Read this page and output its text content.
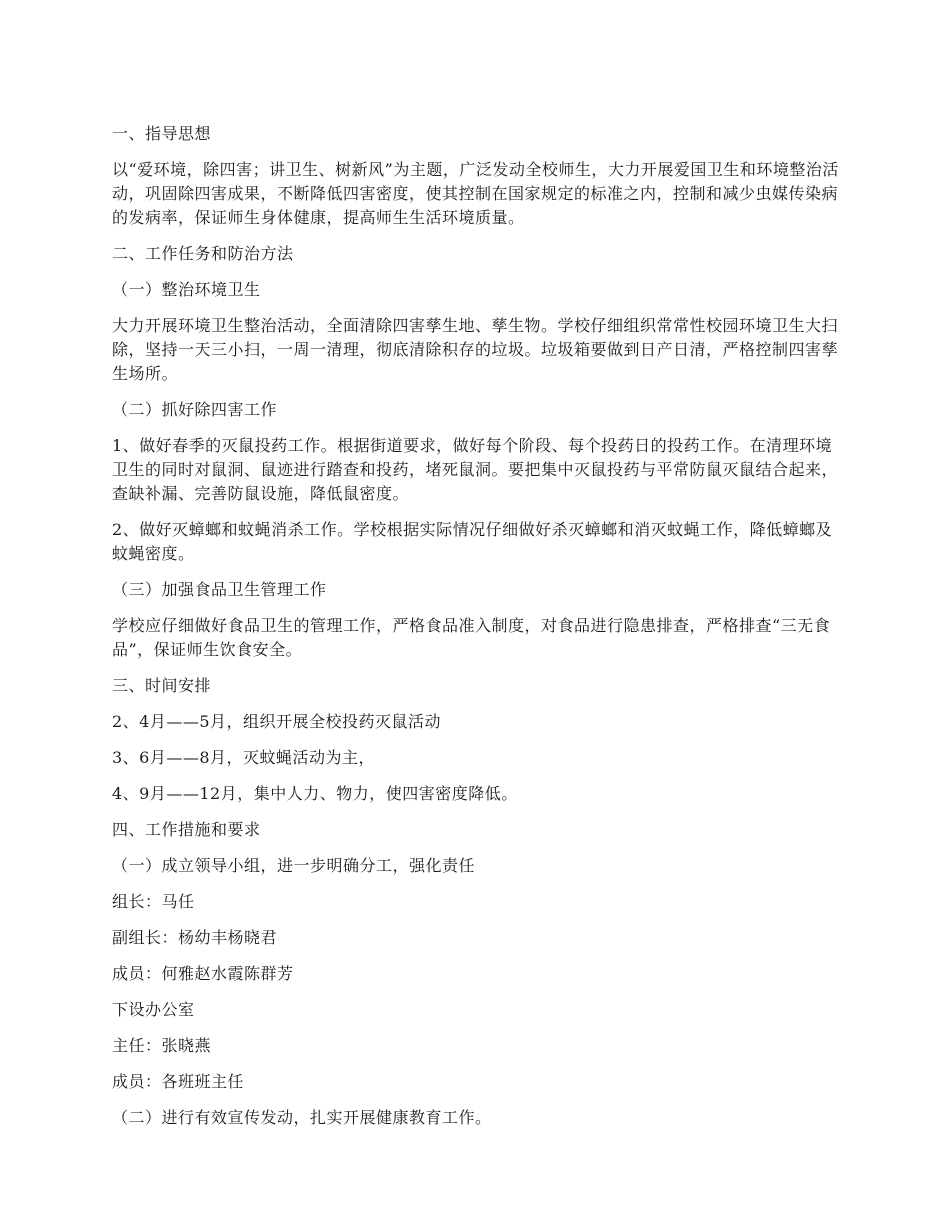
一、指导思想

以“爱环境，除四害；讲卫生、树新风”为主题，广泛发动全校师生，大力开展爱国卫生和环境整治活动，巩固除四害成果，不断降低四害密度，使其控制在国家规定的标准之内，控制和减少虫媒传染病的发病率，保证师生身体健康，提高师生生活环境质量。

二、工作任务和防治方法

（一）整治环境卫生

大力开展环境卫生整治活动，全面清除四害孳生地、孳生物。学校仔细组织常常性校园环境卫生大扫除，坚持一天三小扫，一周一清理，彻底清除积存的垃圾。垃圾箱要做到日产日清，严格控制四害孳生场所。

（二）抓好除四害工作

1、做好春季的灭鼠投药工作。根据街道要求，做好每个阶段、每个投药日的投药工作。在清理环境卫生的同时对鼠洞、鼠迹进行踏查和投药，堵死鼠洞。要把集中灭鼠投药与平常防鼠灭鼠结合起来，查缺补漏、完善防鼠设施，降低鼠密度。

2、做好灭蟑螂和蚊蝇消杀工作。学校根据实际情况仔细做好杀灭蟑螂和消灭蚊蝇工作，降低蟑螂及蚊蝇密度。

（三）加强食品卫生管理工作

学校应仔细做好食品卫生的管理工作，严格食品准入制度，对食品进行隐患排查，严格排查“三无食品”，保证师生饮食安全。

三、时间安排

2、4月——5月，组织开展全校投药灭鼠活动

3、6月——8月，灭蚊蝇活动为主，

4、9月——12月，集中人力、物力，使四害密度降低。

四、工作措施和要求

（一）成立领导小组，进一步明确分工，强化责任

组长：马任

副组长：杨幼丰杨晓君

成员：何雅赵水霞陈群芳

下设办公室

主任：张晓燕

成员：各班班主任

（二）进行有效宣传发动，扎实开展健康教育工作。
